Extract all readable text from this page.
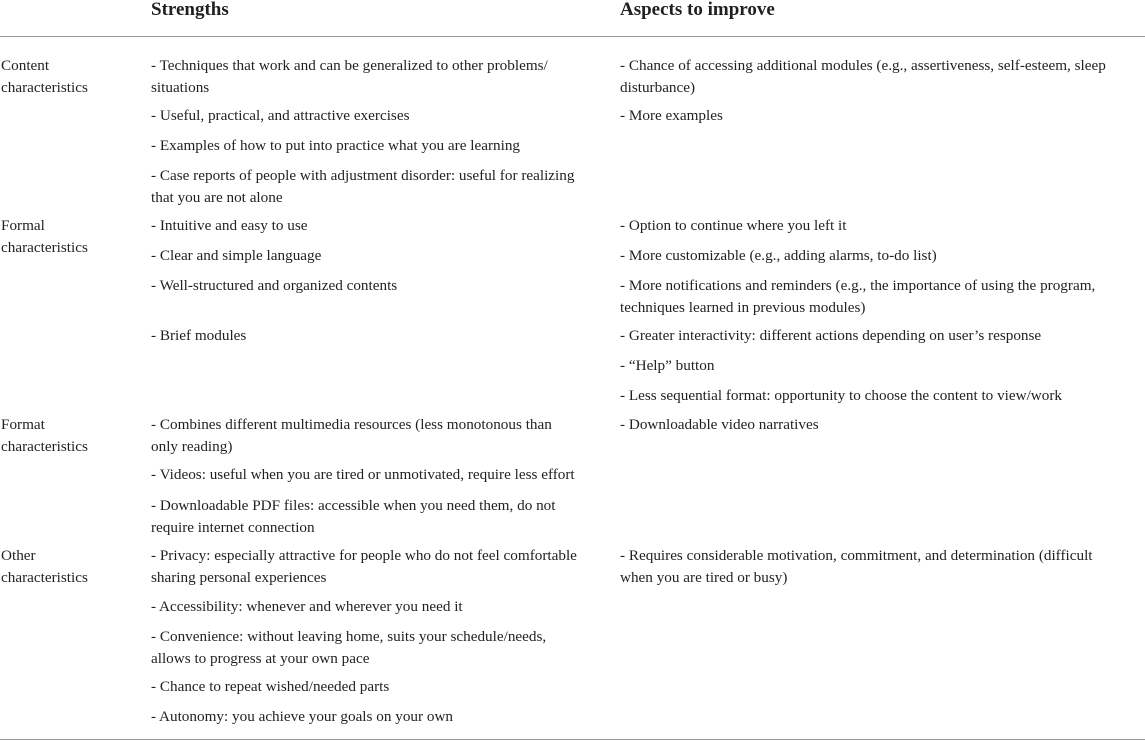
Strengths	Aspects to improve
Content
characteristics
- Techniques that work and can be generalized to other problems/
situations
- Useful, practical, and attractive exercises
- Examples of how to put into practice what you are learning
- Case reports of people with adjustment disorder: useful for realizing
that you are not alone
- Chance of accessing additional modules (e.g., assertiveness, self-esteem, sleep
disturbance)
- More examples
Formal
characteristics
- Intuitive and easy to use
- Clear and simple language
- Well-structured and organized contents
- Brief modules
- Option to continue where you left it
- More customizable (e.g., adding alarms, to-do list)
- More notifications and reminders (e.g., the importance of using the program,
techniques learned in previous modules)
- Greater interactivity: different actions depending on user’s response
- “Help” button
- Less sequential format: opportunity to choose the content to view/work
Format
characteristics
- Combines different multimedia resources (less monotonous than
only reading)
- Videos: useful when you are tired or unmotivated, require less effort
- Downloadable PDF files: accessible when you need them, do not
require internet connection
- Downloadable video narratives
Other
characteristics
- Privacy: especially attractive for people who do not feel comfortable
sharing personal experiences
- Accessibility: whenever and wherever you need it
- Convenience: without leaving home, suits your schedule/needs,
allows to progress at your own pace
- Chance to repeat wished/needed parts
- Autonomy: you achieve your goals on your own
- Requires considerable motivation, commitment, and determination (difficult
when you are tired or busy)
